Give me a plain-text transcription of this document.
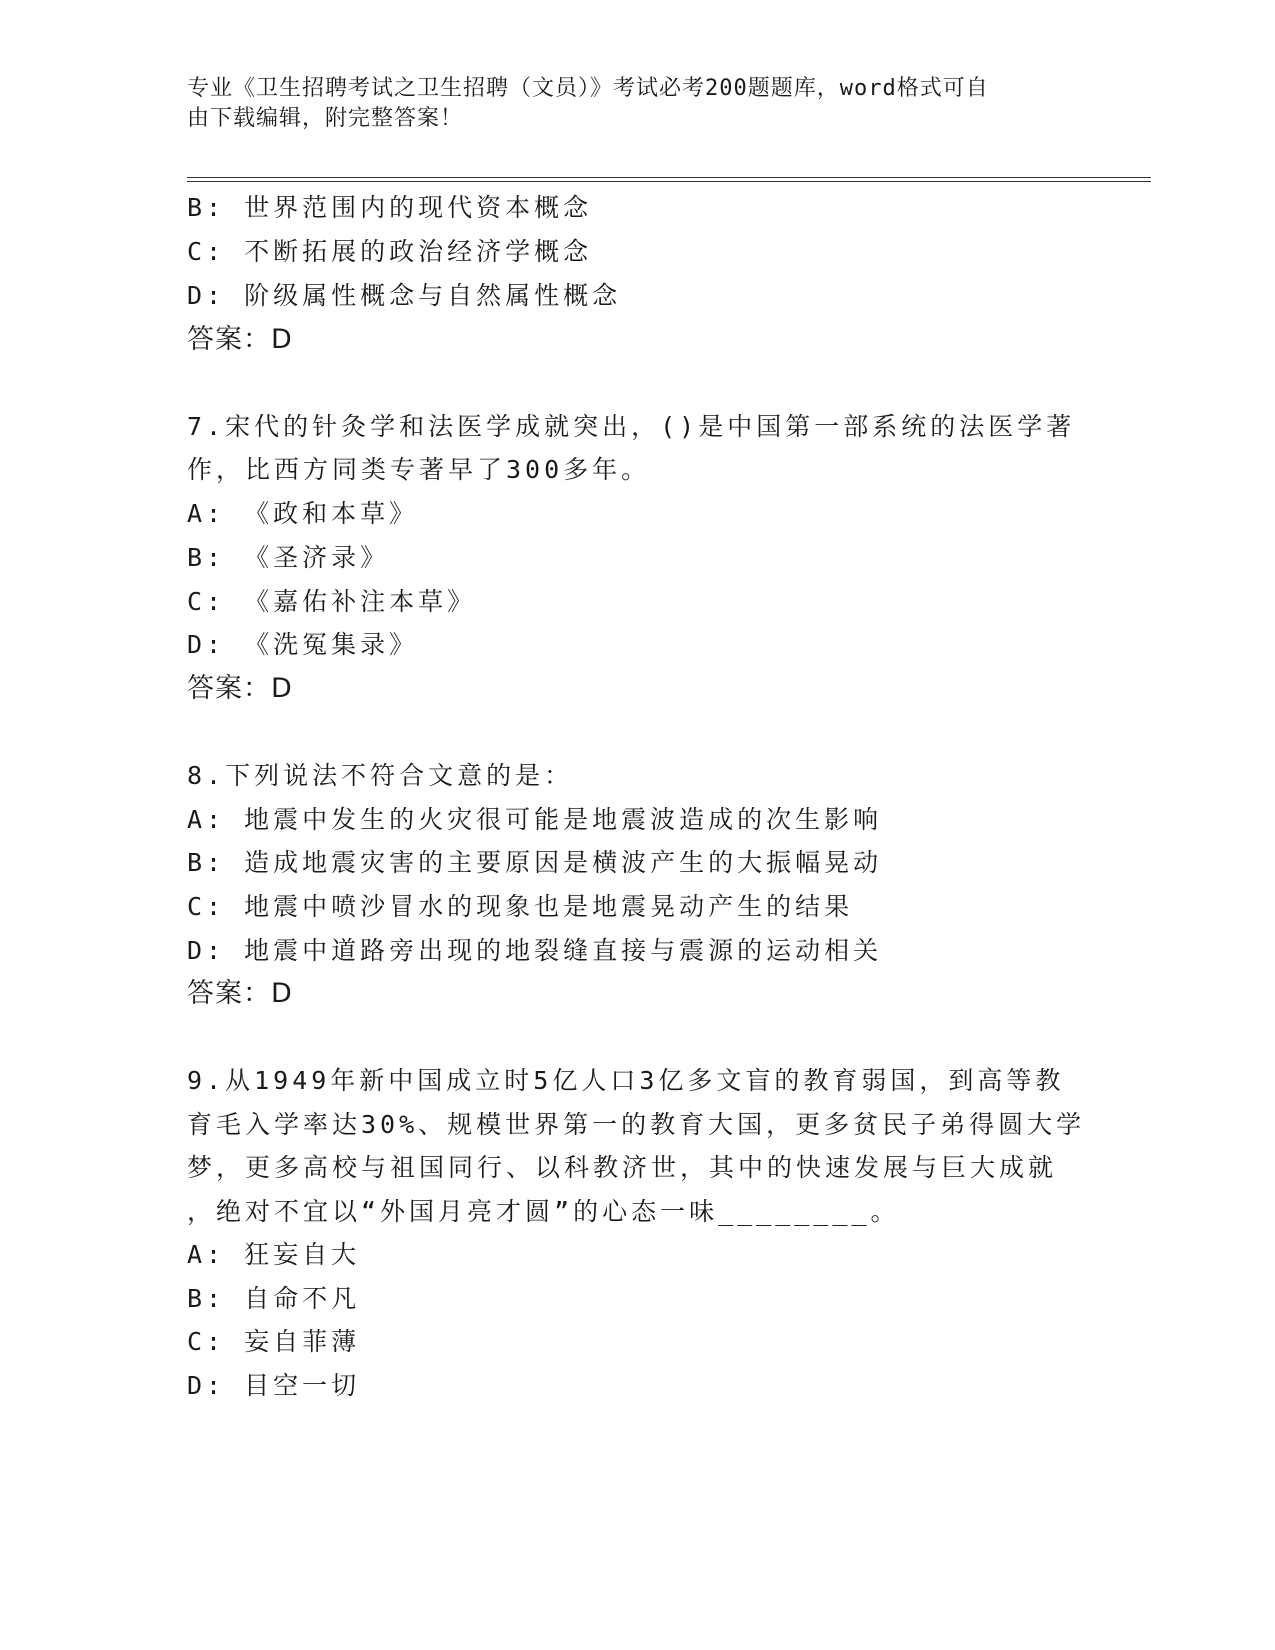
专业《卫生招聘考试之卫生招聘（文员）》考试必考200题题库，word格式可自
由下载编辑，附完整答案！
B: 世界范围内的现代资本概念
C: 不断拓展的政治经济学概念
D: 阶级属性概念与自然属性概念
答案：D
7.宋代的针灸学和法医学成就突出，()是中国第一部系统的法医学著
作，比西方同类专著早了300多年。
A: 《政和本草》
B: 《圣济录》
C: 《嘉佑补注本草》
D: 《洗冤集录》
答案：D
8.下列说法不符合文意的是：
A: 地震中发生的火灾很可能是地震波造成的次生影响
B: 造成地震灾害的主要原因是横波产生的大振幅晃动
C: 地震中喷沙冒水的现象也是地震晃动产生的结果
D: 地震中道路旁出现的地裂缝直接与震源的运动相关
答案：D
9.从1949年新中国成立时5亿人口3亿多文盲的教育弱国，到高等教
育毛入学率达30%、规模世界第一的教育大国，更多贫民子弟得圆大学
梦，更多高校与祖国同行、以科教济世，其中的快速发展与巨大成就
，绝对不宜以“外国月亮才圆”的心态一味________。
A: 狂妄自大
B: 自命不凡
C: 妄自菲薄
D: 目空一切
